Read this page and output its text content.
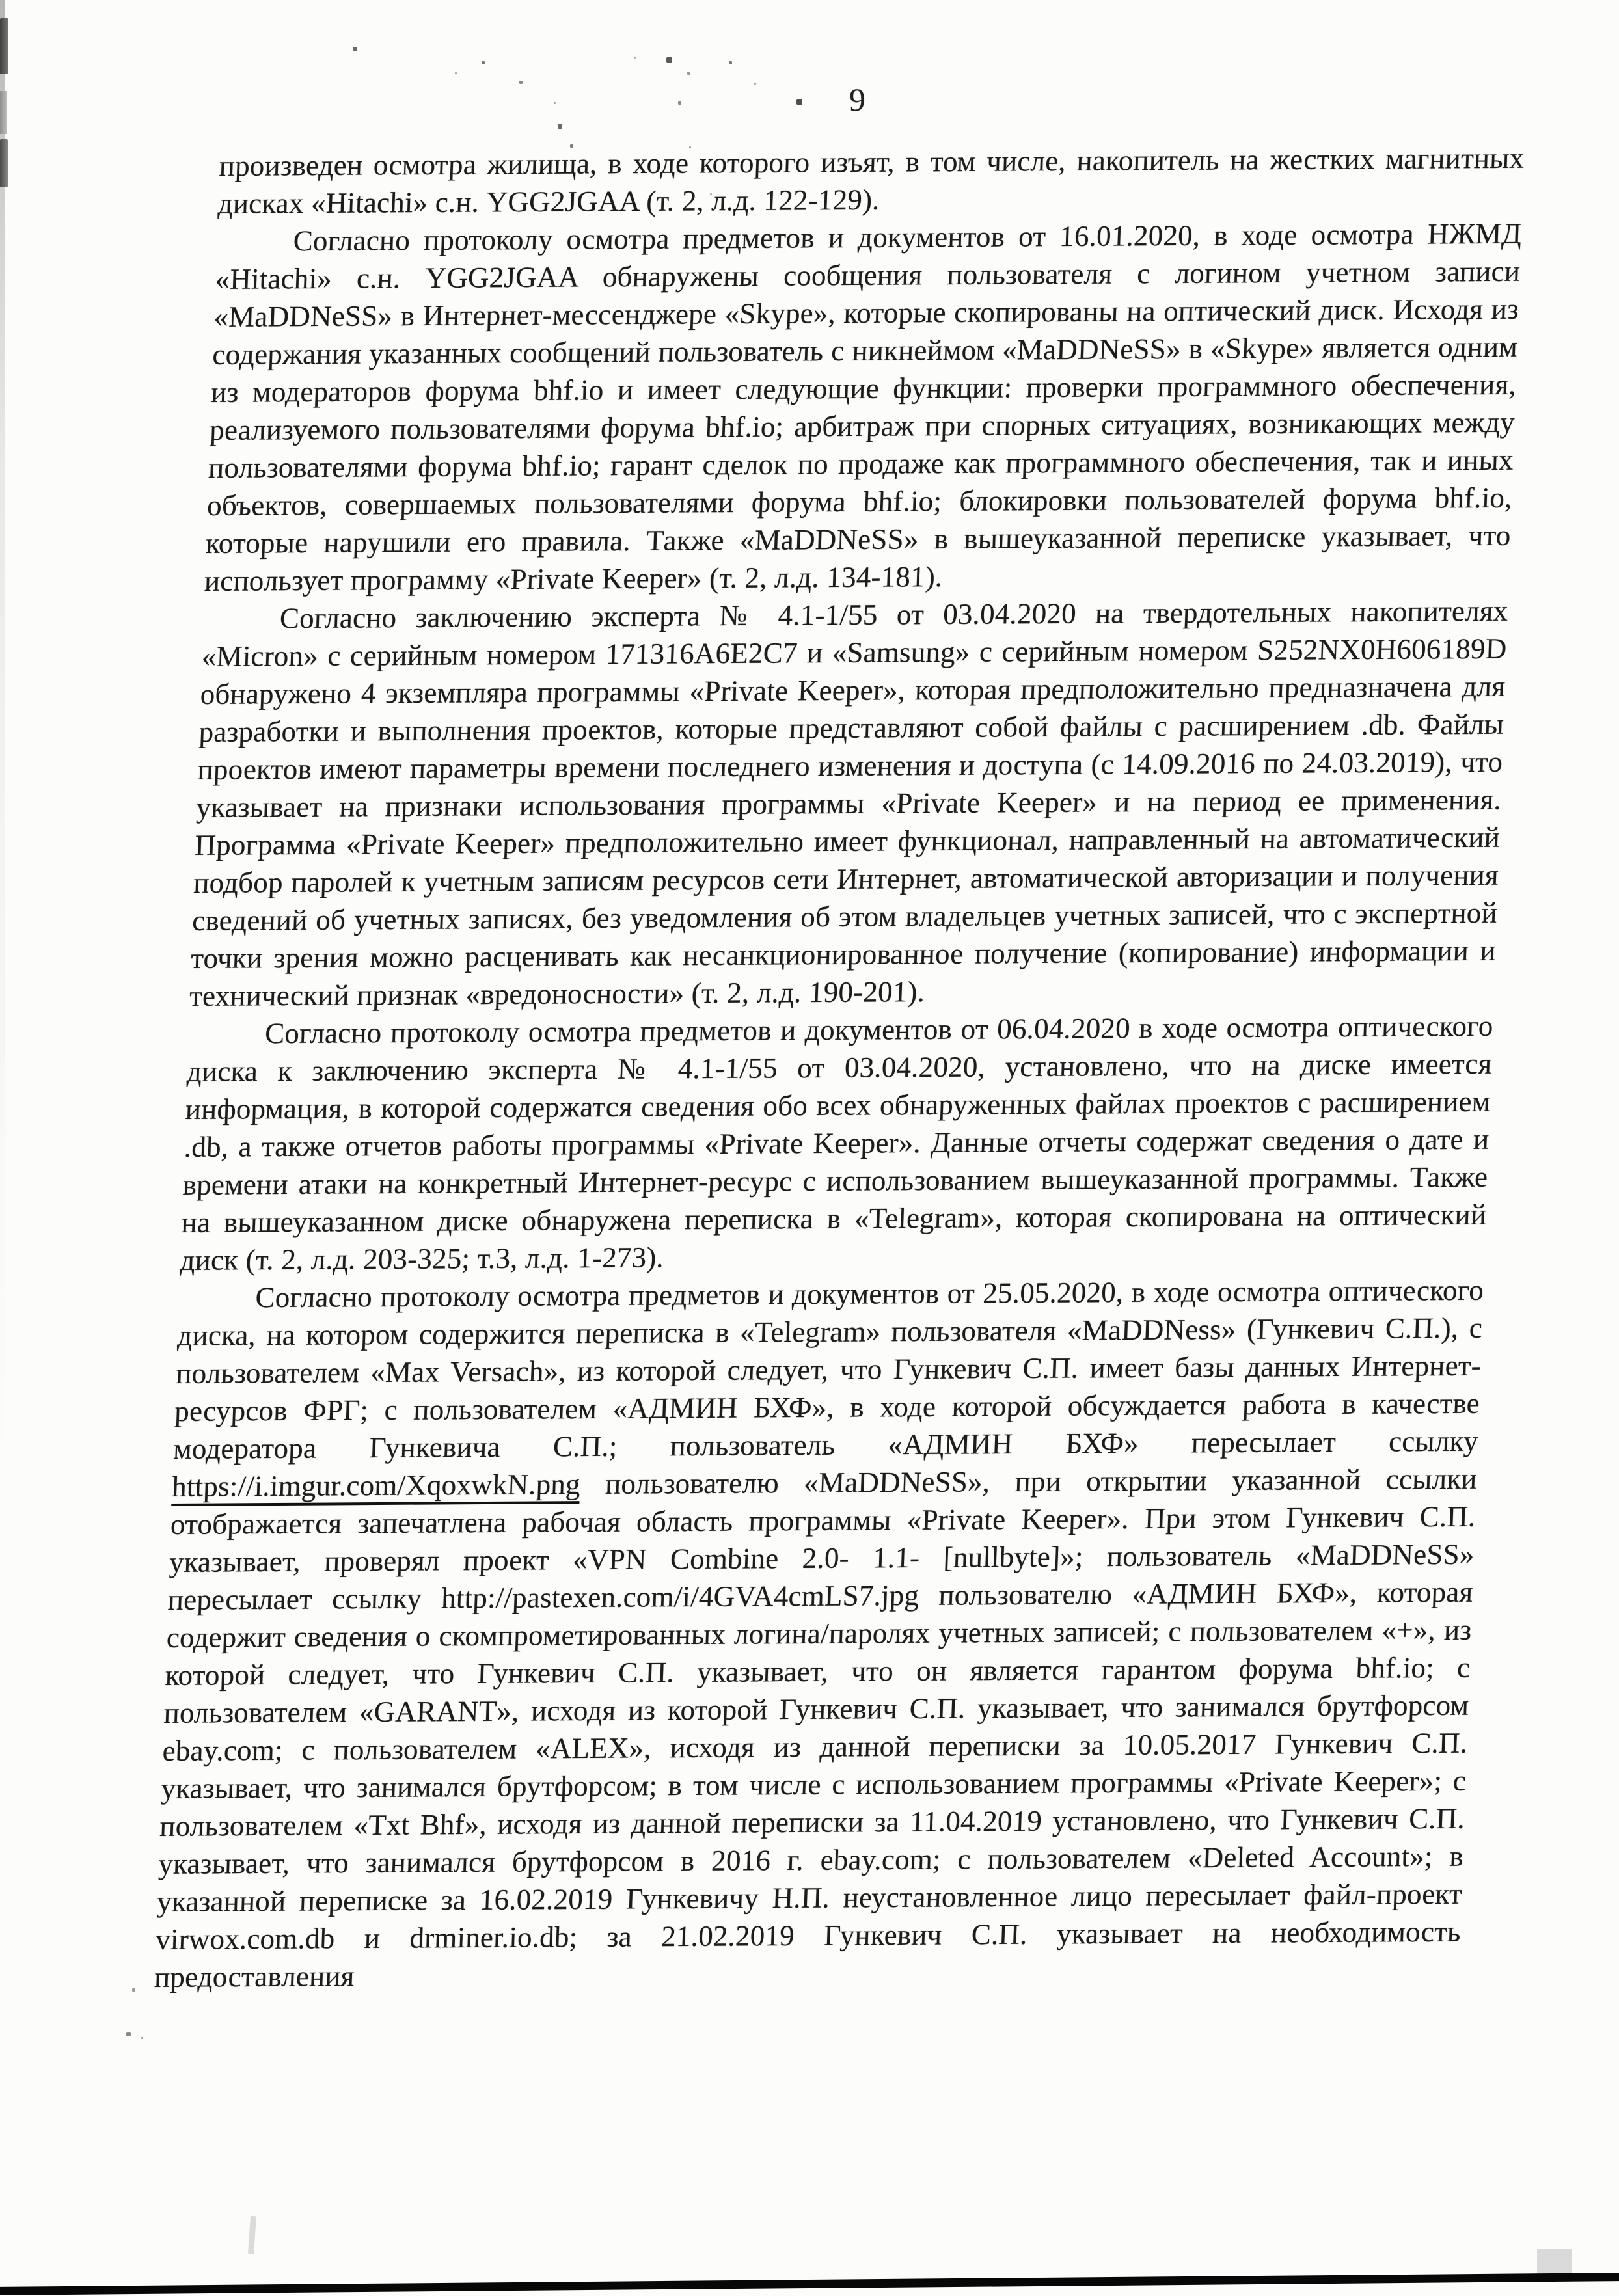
9

произведен осмотра жилища, в ходе которого изъят, в том числе, накопитель на жестких магнитных дисках «Hitachi» с.н. YGG2JGAA (т. 2, л.д. 122-129).

Согласно протоколу осмотра предметов и документов от 16.01.2020, в ходе осмотра НЖМД «Hitachi» с.н. YGG2JGAA обнаружены сообщения пользователя с логином учетном записи «MaDDNeSS» в Интернет-мессенджере «Skype», которые скопированы на оптический диск. Исходя из содержания указанных сообщений пользователь с никнеймом «MaDDNeSS» в «Skype» является одним из модераторов форума bhf.io и имеет следующие функции: проверки программного обеспечения, реализуемого пользователями форума bhf.io; арбитраж при спорных ситуациях, возникающих между пользователями форума bhf.io; гарант сделок по продаже как программного обеспечения, так и иных объектов, совершаемых пользователями форума bhf.io; блокировки пользователей форума bhf.io, которые нарушили его правила. Также «MaDDNeSS» в вышеуказанной переписке указывает, что использует программу «Private Keeper» (т. 2, л.д. 134-181).

Согласно заключению эксперта № 4.1-1/55 от 03.04.2020 на твердотельных накопителях «Micron» с серийным номером 171316A6E2C7 и «Samsung» с серийным номером S252NX0H606189D обнаружено 4 экземпляра программы «Private Keeper», которая предположительно предназначена для разработки и выполнения проектов, которые представляют собой файлы с расширением .db. Файлы проектов имеют параметры времени последнего изменения и доступа (с 14.09.2016 по 24.03.2019), что указывает на признаки использования программы «Private Keeper» и на период ее применения. Программа «Private Keeper» предположительно имеет функционал, направленный на автоматический подбор паролей к учетным записям ресурсов сети Интернет, автоматической авторизации и получения сведений об учетных записях, без уведомления об этом владельцев учетных записей, что с экспертной точки зрения можно расценивать как несанкционированное получение (копирование) информации и технический признак «вредоносности» (т. 2, л.д. 190-201).

Согласно протоколу осмотра предметов и документов от 06.04.2020 в ходе осмотра оптического диска к заключению эксперта № 4.1-1/55 от 03.04.2020, установлено, что на диске имеется информация, в которой содержатся сведения обо всех обнаруженных файлах проектов с расширением .db, а также отчетов работы программы «Private Keeper». Данные отчеты содержат сведения о дате и времени атаки на конкретный Интернет-ресурс с использованием вышеуказанной программы. Также на вышеуказанном диске обнаружена переписка в «Telegram», которая скопирована на оптический диск (т. 2, л.д. 203-325; т.3, л.д. 1-273).

Согласно протоколу осмотра предметов и документов от 25.05.2020, в ходе осмотра оптического диска, на котором содержится переписка в «Telegram» пользователя «MaDDNess» (Гункевич С.П.), с пользователем «Max Versach», из которой следует, что Гункевич С.П. имеет базы данных Интернет-ресурсов ФРГ; с пользователем «АДМИН БХФ», в ходе которой обсуждается работа в качестве модератора Гункевича С.П.; пользователь «АДМИН БХФ» пересылает ссылку https://i.imgur.com/XqoxwkN.png пользователю «MaDDNeSS», при открытии указанной ссылки отображается запечатлена рабочая область программы «Private Keeper». При этом Гункевич С.П. указывает, проверял проект «VPN Combine 2.0- 1.1- [nullbyte]»; пользователь «MaDDNeSS» пересылает ссылку http://pastexen.com/i/4GVA4cmLS7.jpg пользователю «АДМИН БХФ», которая содержит сведения о скомпрометированных логина/паролях учетных записей; с пользователем «+», из которой следует, что Гункевич С.П. указывает, что он является гарантом форума bhf.io; с пользователем «GARANT», исходя из которой Гункевич С.П. указывает, что занимался брутфорсом ebay.com; с пользователем «ALEX», исходя из данной переписки за 10.05.2017 Гункевич С.П. указывает, что занимался брутфорсом; в том числе с использованием программы «Private Keeper»; с пользователем «Txt Bhf», исходя из данной переписки за 11.04.2019 установлено, что Гункевич С.П. указывает, что занимался брутфорсом в 2016 г. ebay.com; с пользователем «Deleted Account»; в указанной переписке за 16.02.2019 Гункевичу Н.П. неустановленное лицо пересылает файл-проект virwox.com.db и drminer.io.db; за 21.02.2019 Гункевич С.П. указывает на необходимость предоставления
